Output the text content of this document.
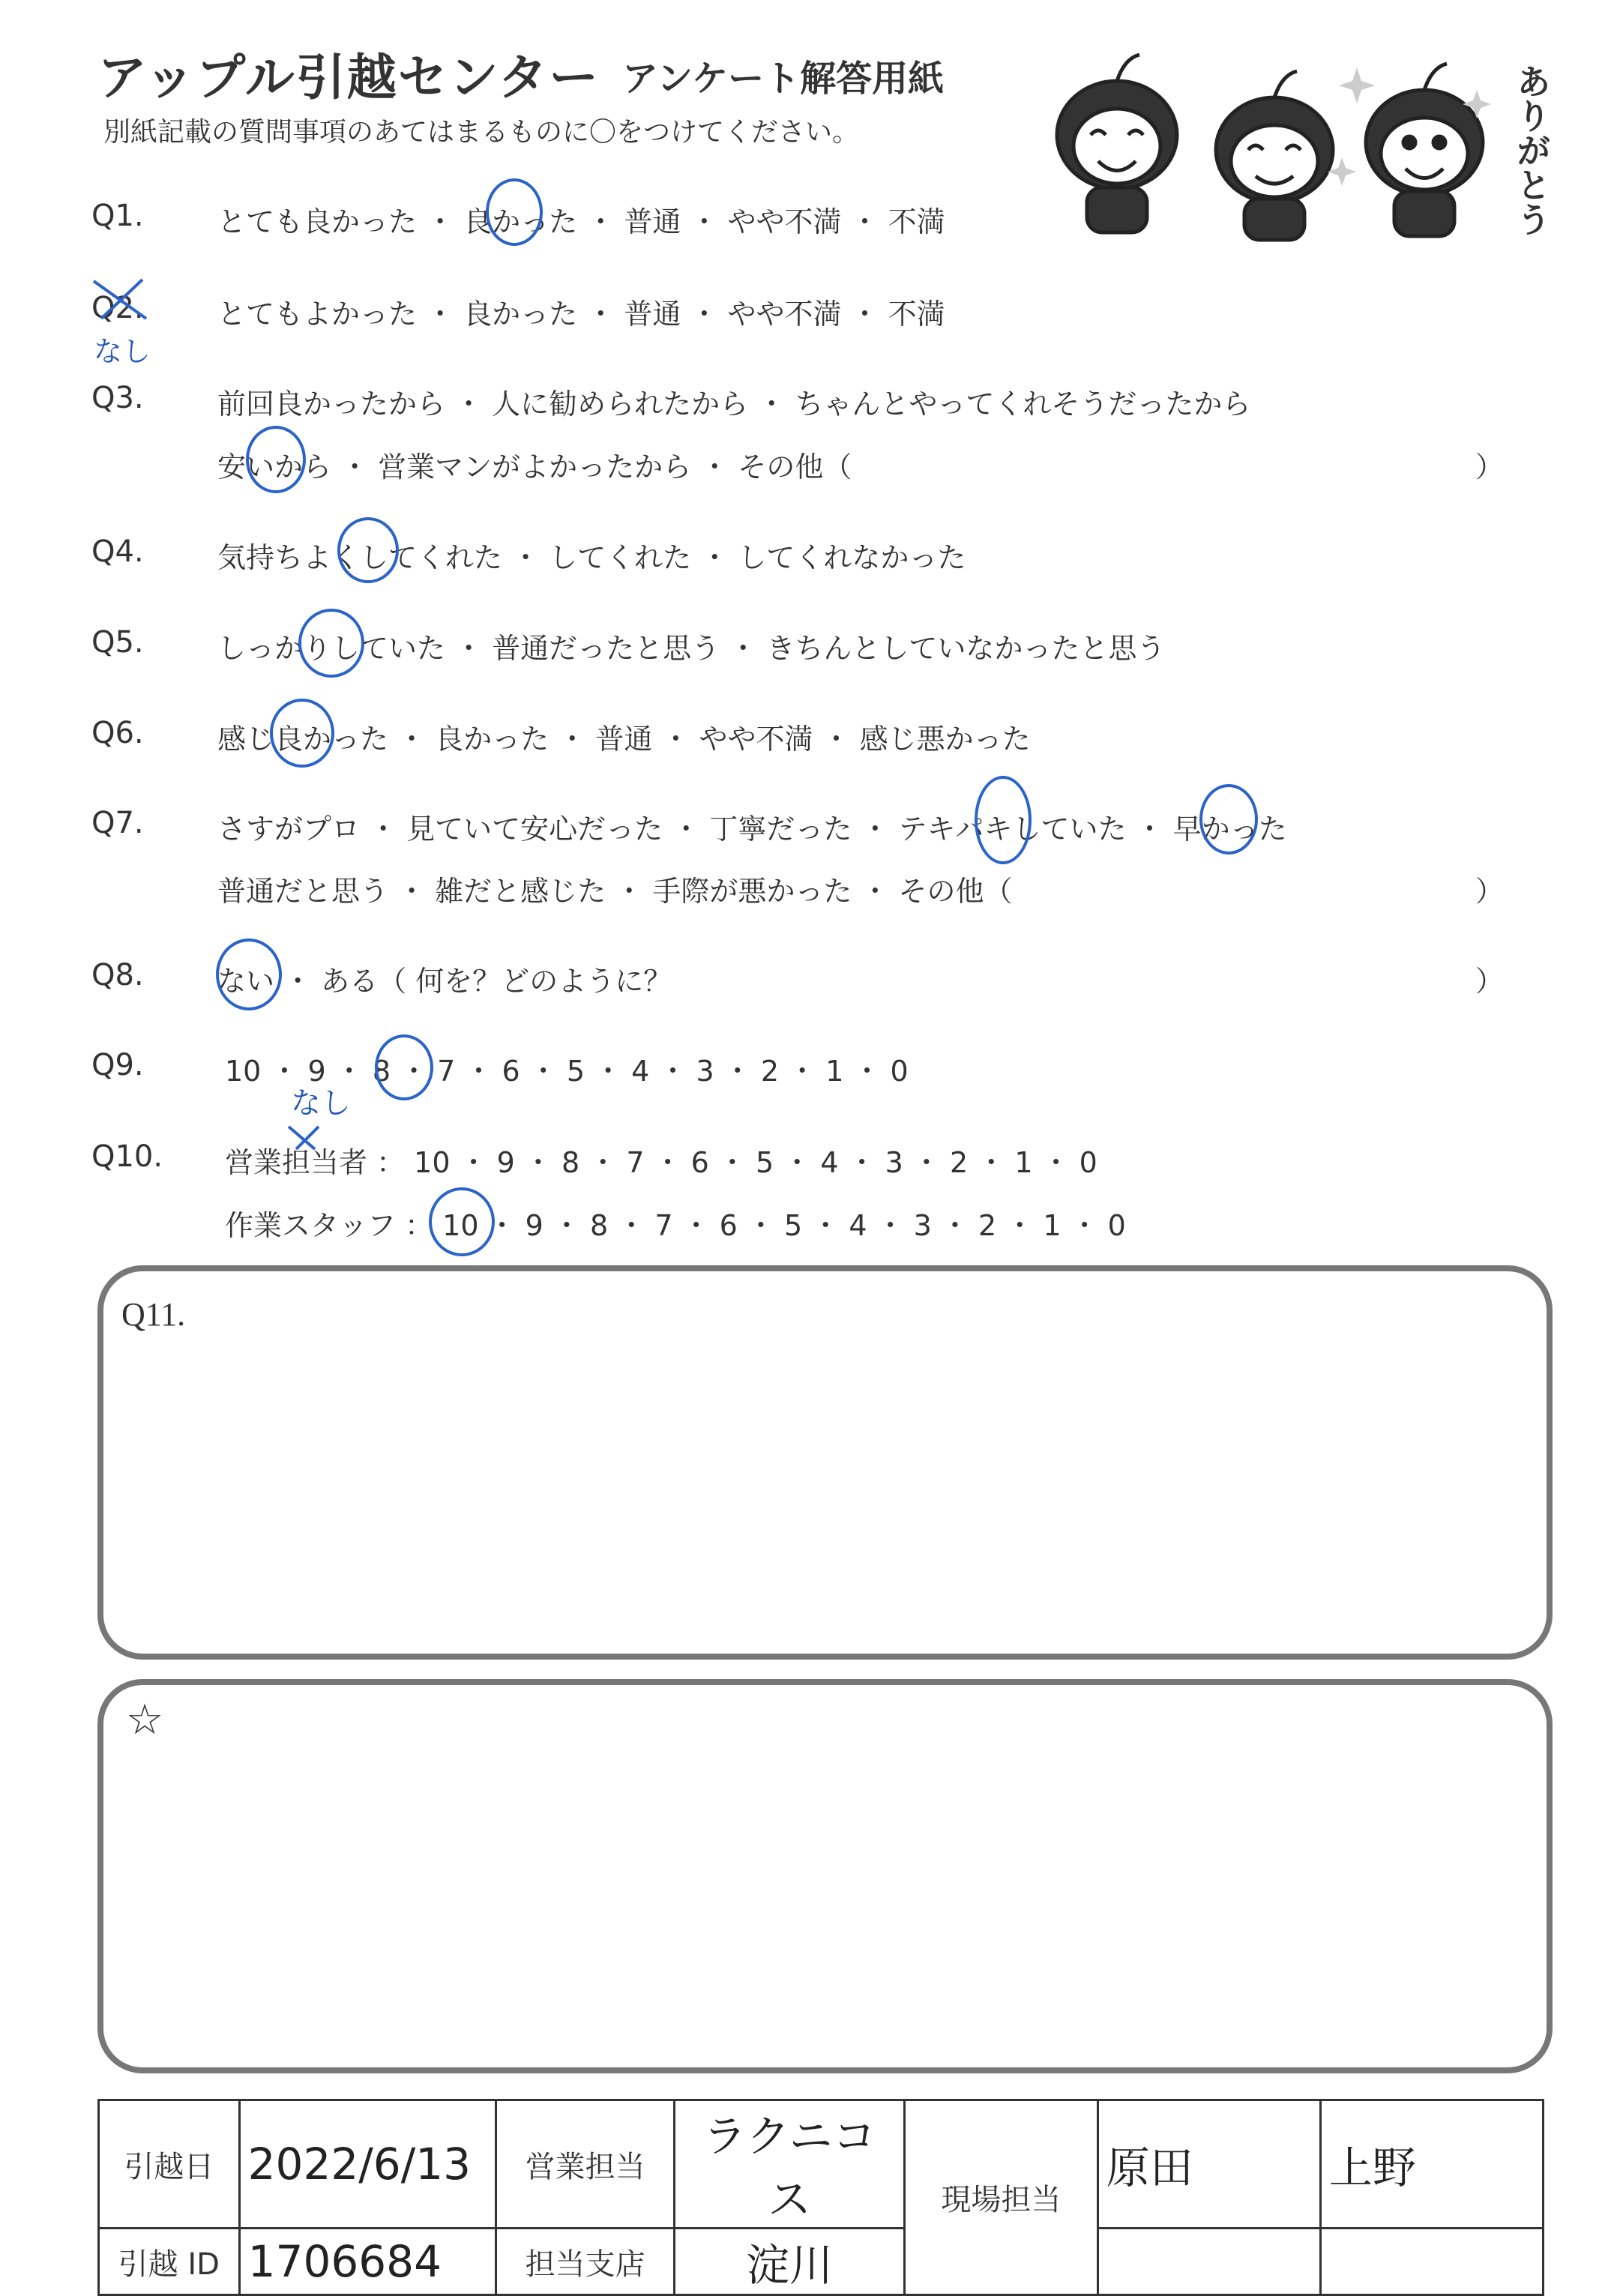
アップル引越センター アンケート解答用紙
別紙記載の質問事項のあてはまるものに〇をつけてください。	ありがとう
Q1.	とても良かった ・ 良かった ・ 普通 ・ やや不満 ・ 不満
Q2.	とてもよかった ・ 良かった ・ 普通 ・ やや不満 ・ 不満
Q3.	前回良かったから ・ 人に勧められたから ・ ちゃんとやってくれそうだったから
安いから ・ 営業マンがよかったから ・ その他（	）
Q4.	気持ちよくしてくれた ・ してくれた ・ してくれなかった
Q5.	しっかりしていた ・ 普通だったと思う ・ きちんとしていなかったと思う
Q6.	感じ良かった ・ 良かった ・ 普通 ・ やや不満 ・ 感じ悪かった
Q7.	さすがプロ ・ 見ていて安心だった ・ 丁寧だった ・ テキパキしていた ・ 早かった
普通だと思う ・ 雑だと感じた ・ 手際が悪かった ・ その他（	）
Q8.	ない ・ ある（ 何を？どのように？	）
Q9.	10 ・ 9 ・ 8 ・ 7 ・ 6 ・ 5 ・ 4 ・ 3 ・ 2 ・ 1 ・ 0
Q10. 営業担当者 ： 10 ・ 9 ・ 8 ・ 7 ・ 6 ・ 5 ・ 4 ・ 3 ・ 2 ・ 1 ・ 0
作業スタッフ ： 10 ・ 9 ・ 8 ・ 7 ・ 6 ・ 5 ・ 4 ・ 3 ・ 2 ・ 1 ・ 0
なし
なし
Q11.
☆
引越日	2022/6/13	営業担当	ラクニコス	現場担当	原田	上野
引越 ID	1706684	担当支店	淀川			
